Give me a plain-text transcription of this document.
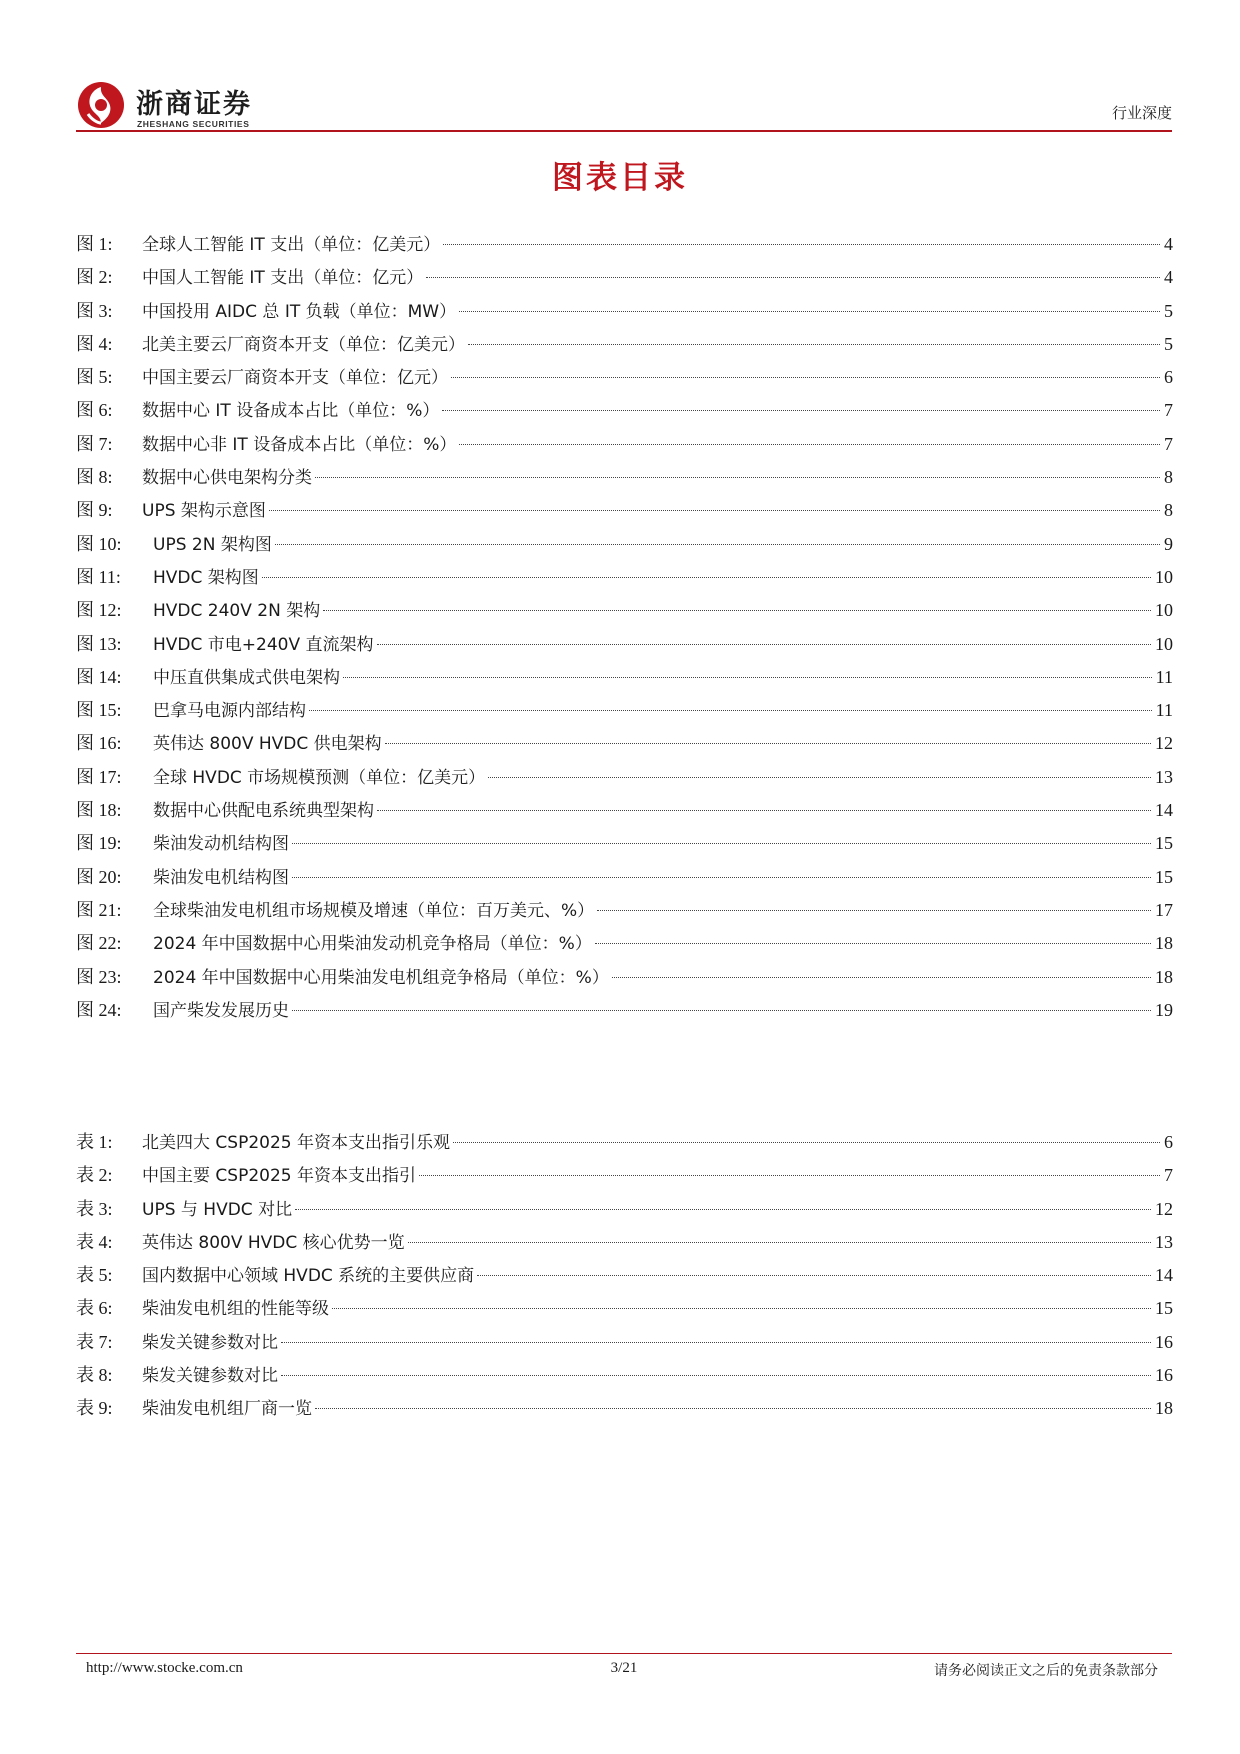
浙商证券
ZHESHANG SECURITIES
行业深度
图表目录
图 1:	全球人工智能 IT 支出（单位：亿美元）	4
图 2:	中国人工智能 IT 支出（单位：亿元）	4
图 3:	中国投用 AIDC 总 IT 负载（单位：MW）	5
图 4:	北美主要云厂商资本开支（单位：亿美元）	5
图 5:	中国主要云厂商资本开支（单位：亿元）	6
图 6:	数据中心 IT 设备成本占比（单位：%）	7
图 7:	数据中心非 IT 设备成本占比（单位：%）	7
图 8:	数据中心供电架构分类	8
图 9:	UPS 架构示意图	8
图 10:	UPS 2N 架构图	9
图 11:	HVDC 架构图	10
图 12:	HVDC 240V 2N 架构	10
图 13:	HVDC 市电+240V 直流架构	10
图 14:	中压直供集成式供电架构	11
图 15:	巴拿马电源内部结构	11
图 16:	英伟达 800V HVDC 供电架构	12
图 17:	全球 HVDC 市场规模预测（单位：亿美元）	13
图 18:	数据中心供配电系统典型架构	14
图 19:	柴油发动机结构图	15
图 20:	柴油发电机结构图	15
图 21:	全球柴油发电机组市场规模及增速（单位：百万美元、%）	17
图 22:	2024 年中国数据中心用柴油发动机竞争格局（单位：%）	18
图 23:	2024 年中国数据中心用柴油发电机组竞争格局（单位：%）	18
图 24:	国产柴发发展历史	19
表 1:	北美四大 CSP2025 年资本支出指引乐观	6
表 2:	中国主要 CSP2025 年资本支出指引	7
表 3:	UPS 与 HVDC 对比	12
表 4:	英伟达 800V HVDC 核心优势一览	13
表 5:	国内数据中心领域 HVDC 系统的主要供应商	14
表 6:	柴油发电机组的性能等级	15
表 7:	柴发关键参数对比	16
表 8:	柴发关键参数对比	16
表 9:	柴油发电机组厂商一览	18
http://www.stocke.com.cn	3/21	请务必阅读正文之后的免责条款部分
